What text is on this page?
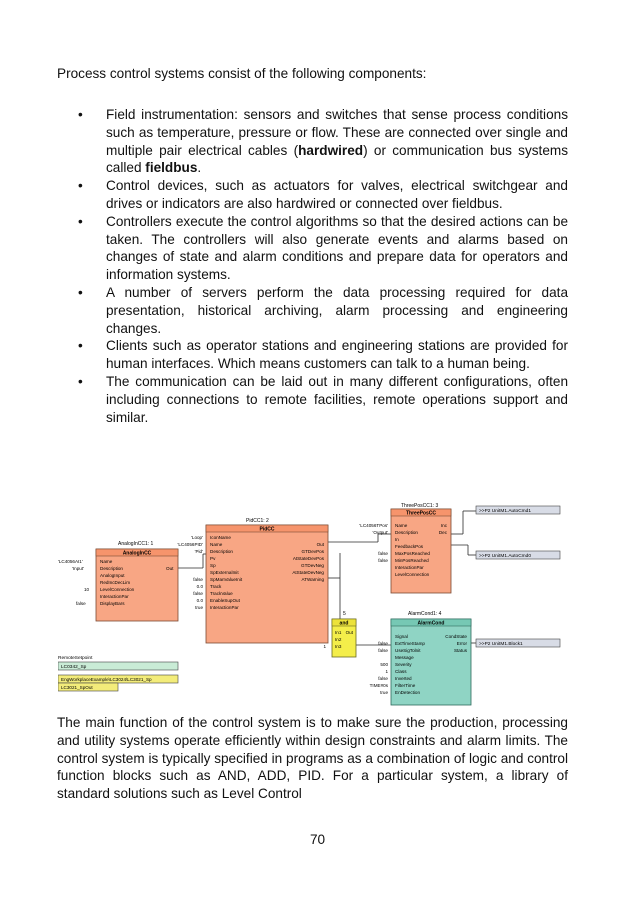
Process control systems consist of the following components:

• Field instrumentation: sensors and switches that sense process conditions such as temperature, pressure or flow. These are connected over single and multiple pair electrical cables (hardwired) or communication bus systems called fieldbus.
• Control devices, such as actuators for valves, electrical switchgear and drives or indicators are also hardwired or connected over fieldbus.
• Controllers execute the control algorithms so that the desired actions can be taken. The controllers will also generate events and alarms based on changes of state and alarm conditions and prepare data for operators and information systems.
• A number of servers perform the data processing required for data presentation, historical archiving, alarm processing and engineering changes.
• Clients such as operator stations and engineering stations are provided for human interfaces. Which means customers can talk to a human being.
• The communication can be laid out in many different configurations, often including connections to remote facilities, remote operations support and similar.
AnalogInCC1: 1
AnalogInCC
Name
Description
AnalogInput
RedIncDecLim
LevelConnection
InteractionPar
DisplayBars
Out
'LC4056AI1'
'Input'
10
false
PidCC1: 2
PidCC
IconName
Name
Description
Pv
Sp
SpExternalInit
SpManValueInit
Track
TrackValue
EnableSupOut
InteractionPar
Out
GTDevPos
AtStateDevPos
GTDevNeg
AtStateDevNeg
ATWarning
'Loop'
'LC4056PID'
'Pid'
false
0.0
false
0.0
true
ThreePosCC1: 3
ThreePosCC
Name
Description
In
FeedbackPos
MaxPosReached
MinPosReached
InteractionPar
LevelConnection
Inc
Dec
'LC4056TPos'
'Output'
false
false
5
and
In1
In2
In3
Out
1
AlarmCond1: 4
AlarmCond
Signal
ExtTimeStamp
UseSigTolnit
Message
Severity
Class
Inverted
FilterTime
EnDetection
CondState
Error
Status
false
false
500
1
false
TIME#0s
true
>>P2 UnitM1.AutoCmd1
>>P2 UnitM1.AutoCmd0
>>P2 UnitM1.Block1
RemoteSetpoint
LC0342_Sp
EngWorkplaceExample\LC3024\LC3021_Sp
LC3021_SpOut

The main function of the control system is to make sure the production, processing and utility systems operate efficiently within design constraints and alarm limits. The control system is typically specified in programs as a combination of logic and control function blocks such as AND, ADD, PID. For a particular system, a library of standard solutions such as Level Control

70
